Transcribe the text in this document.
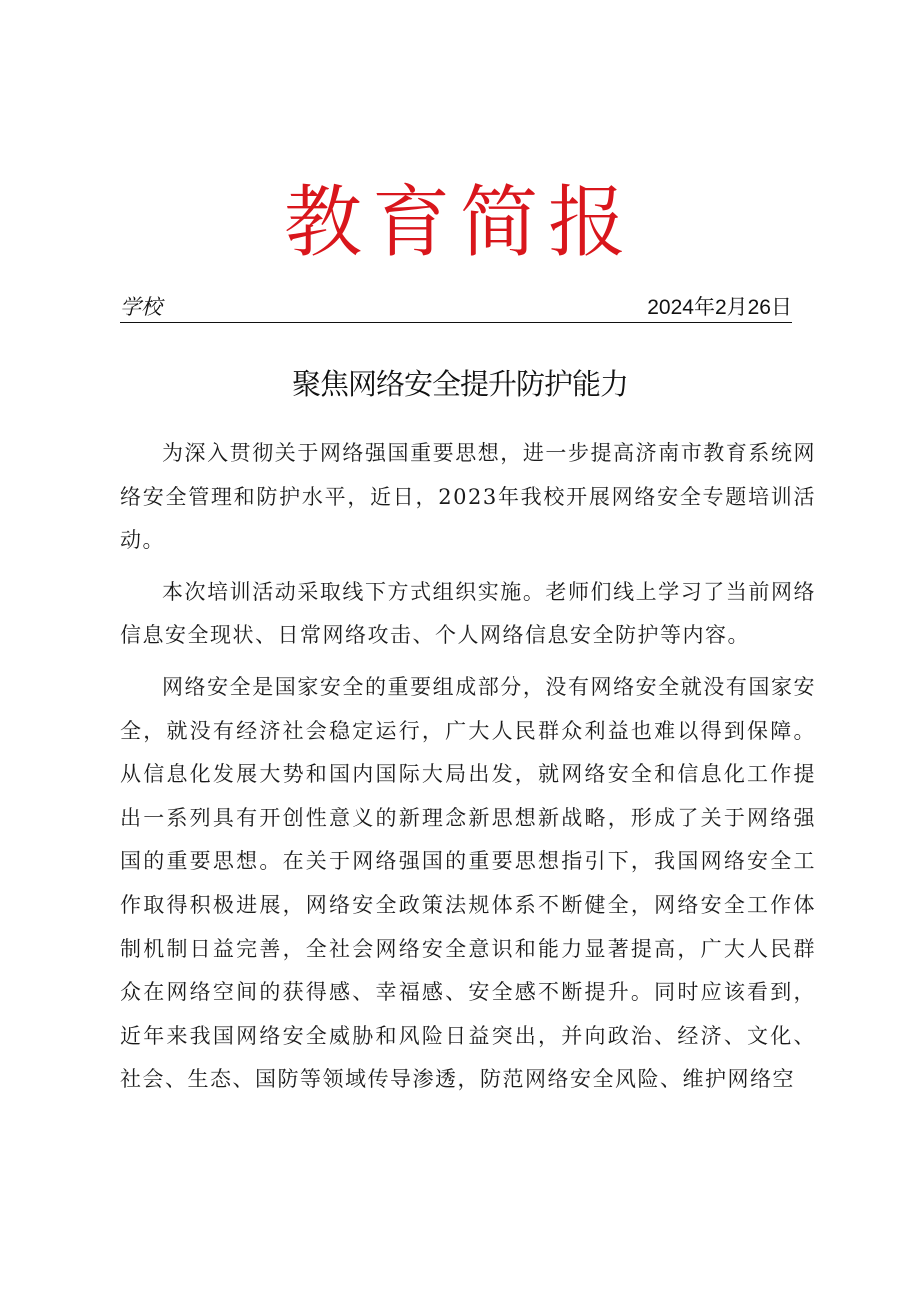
教育简报
学校	2024年2月26日
聚焦网络安全提升防护能力

为深入贯彻关于网络强国重要思想，进一步提高济南市教育系统网络安全管理和防护水平，近日，2023年我校开展网络安全专题培训活动。

本次培训活动采取线下方式组织实施。老师们线上学习了当前网络信息安全现状、日常网络攻击、个人网络信息安全防护等内容。

网络安全是国家安全的重要组成部分，没有网络安全就没有国家安全，就没有经济社会稳定运行，广大人民群众利益也难以得到保障。从信息化发展大势和国内国际大局出发，就网络安全和信息化工作提出一系列具有开创性意义的新理念新思想新战略，形成了关于网络强国的重要思想。在关于网络强国的重要思想指引下，我国网络安全工作取得积极进展，网络安全政策法规体系不断健全，网络安全工作体制机制日益完善，全社会网络安全意识和能力显著提高，广大人民群众在网络空间的获得感、幸福感、安全感不断提升。同时应该看到，近年来我国网络安全威胁和风险日益突出，并向政治、经济、文化、社会、生态、国防等领域传导渗透，防范网络安全风险、维护网络空
